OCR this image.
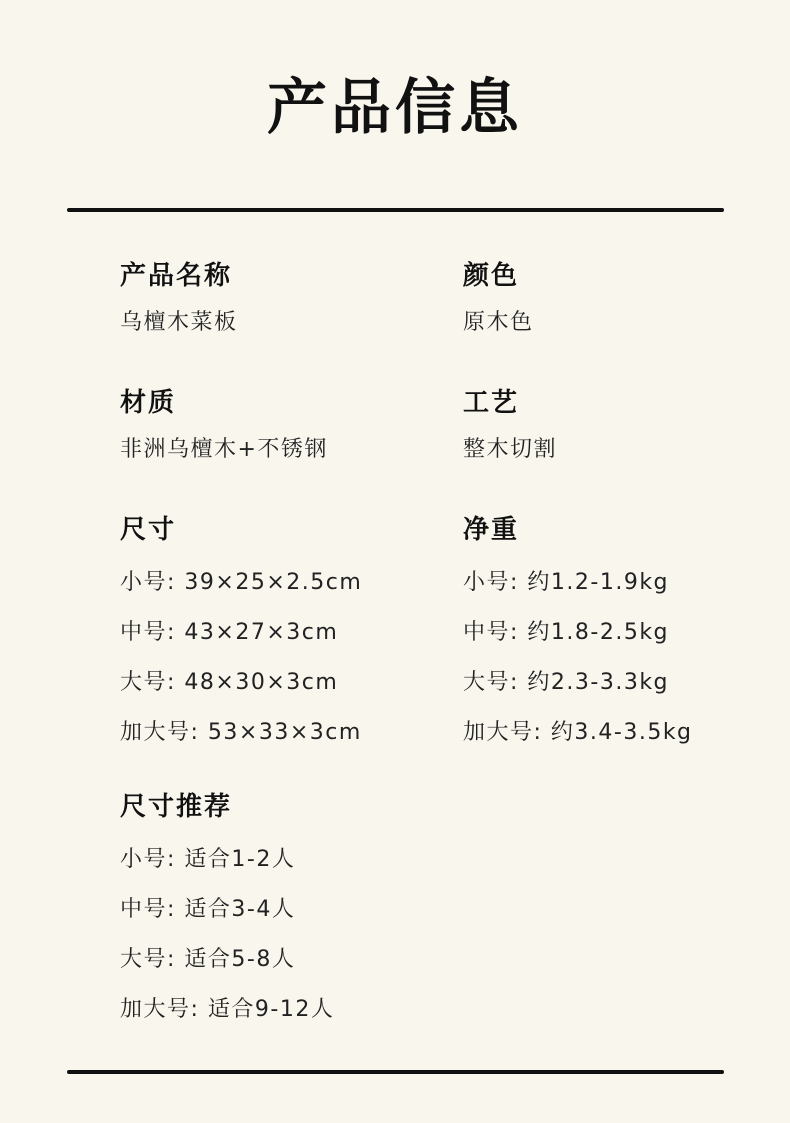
产品信息
产品名称
乌檀木菜板
颜色
原木色
材质
非洲乌檀木+不锈钢
工艺
整木切割
尺寸
小号: 39×25×2.5cm
中号: 43×27×3cm
大号: 48×30×3cm
加大号: 53×33×3cm
净重
小号: 约1.2-1.9kg
中号: 约1.8-2.5kg
大号: 约2.3-3.3kg
加大号: 约3.4-3.5kg
尺寸推荐
小号: 适合1-2人
中号: 适合3-4人
大号: 适合5-8人
加大号: 适合9-12人
